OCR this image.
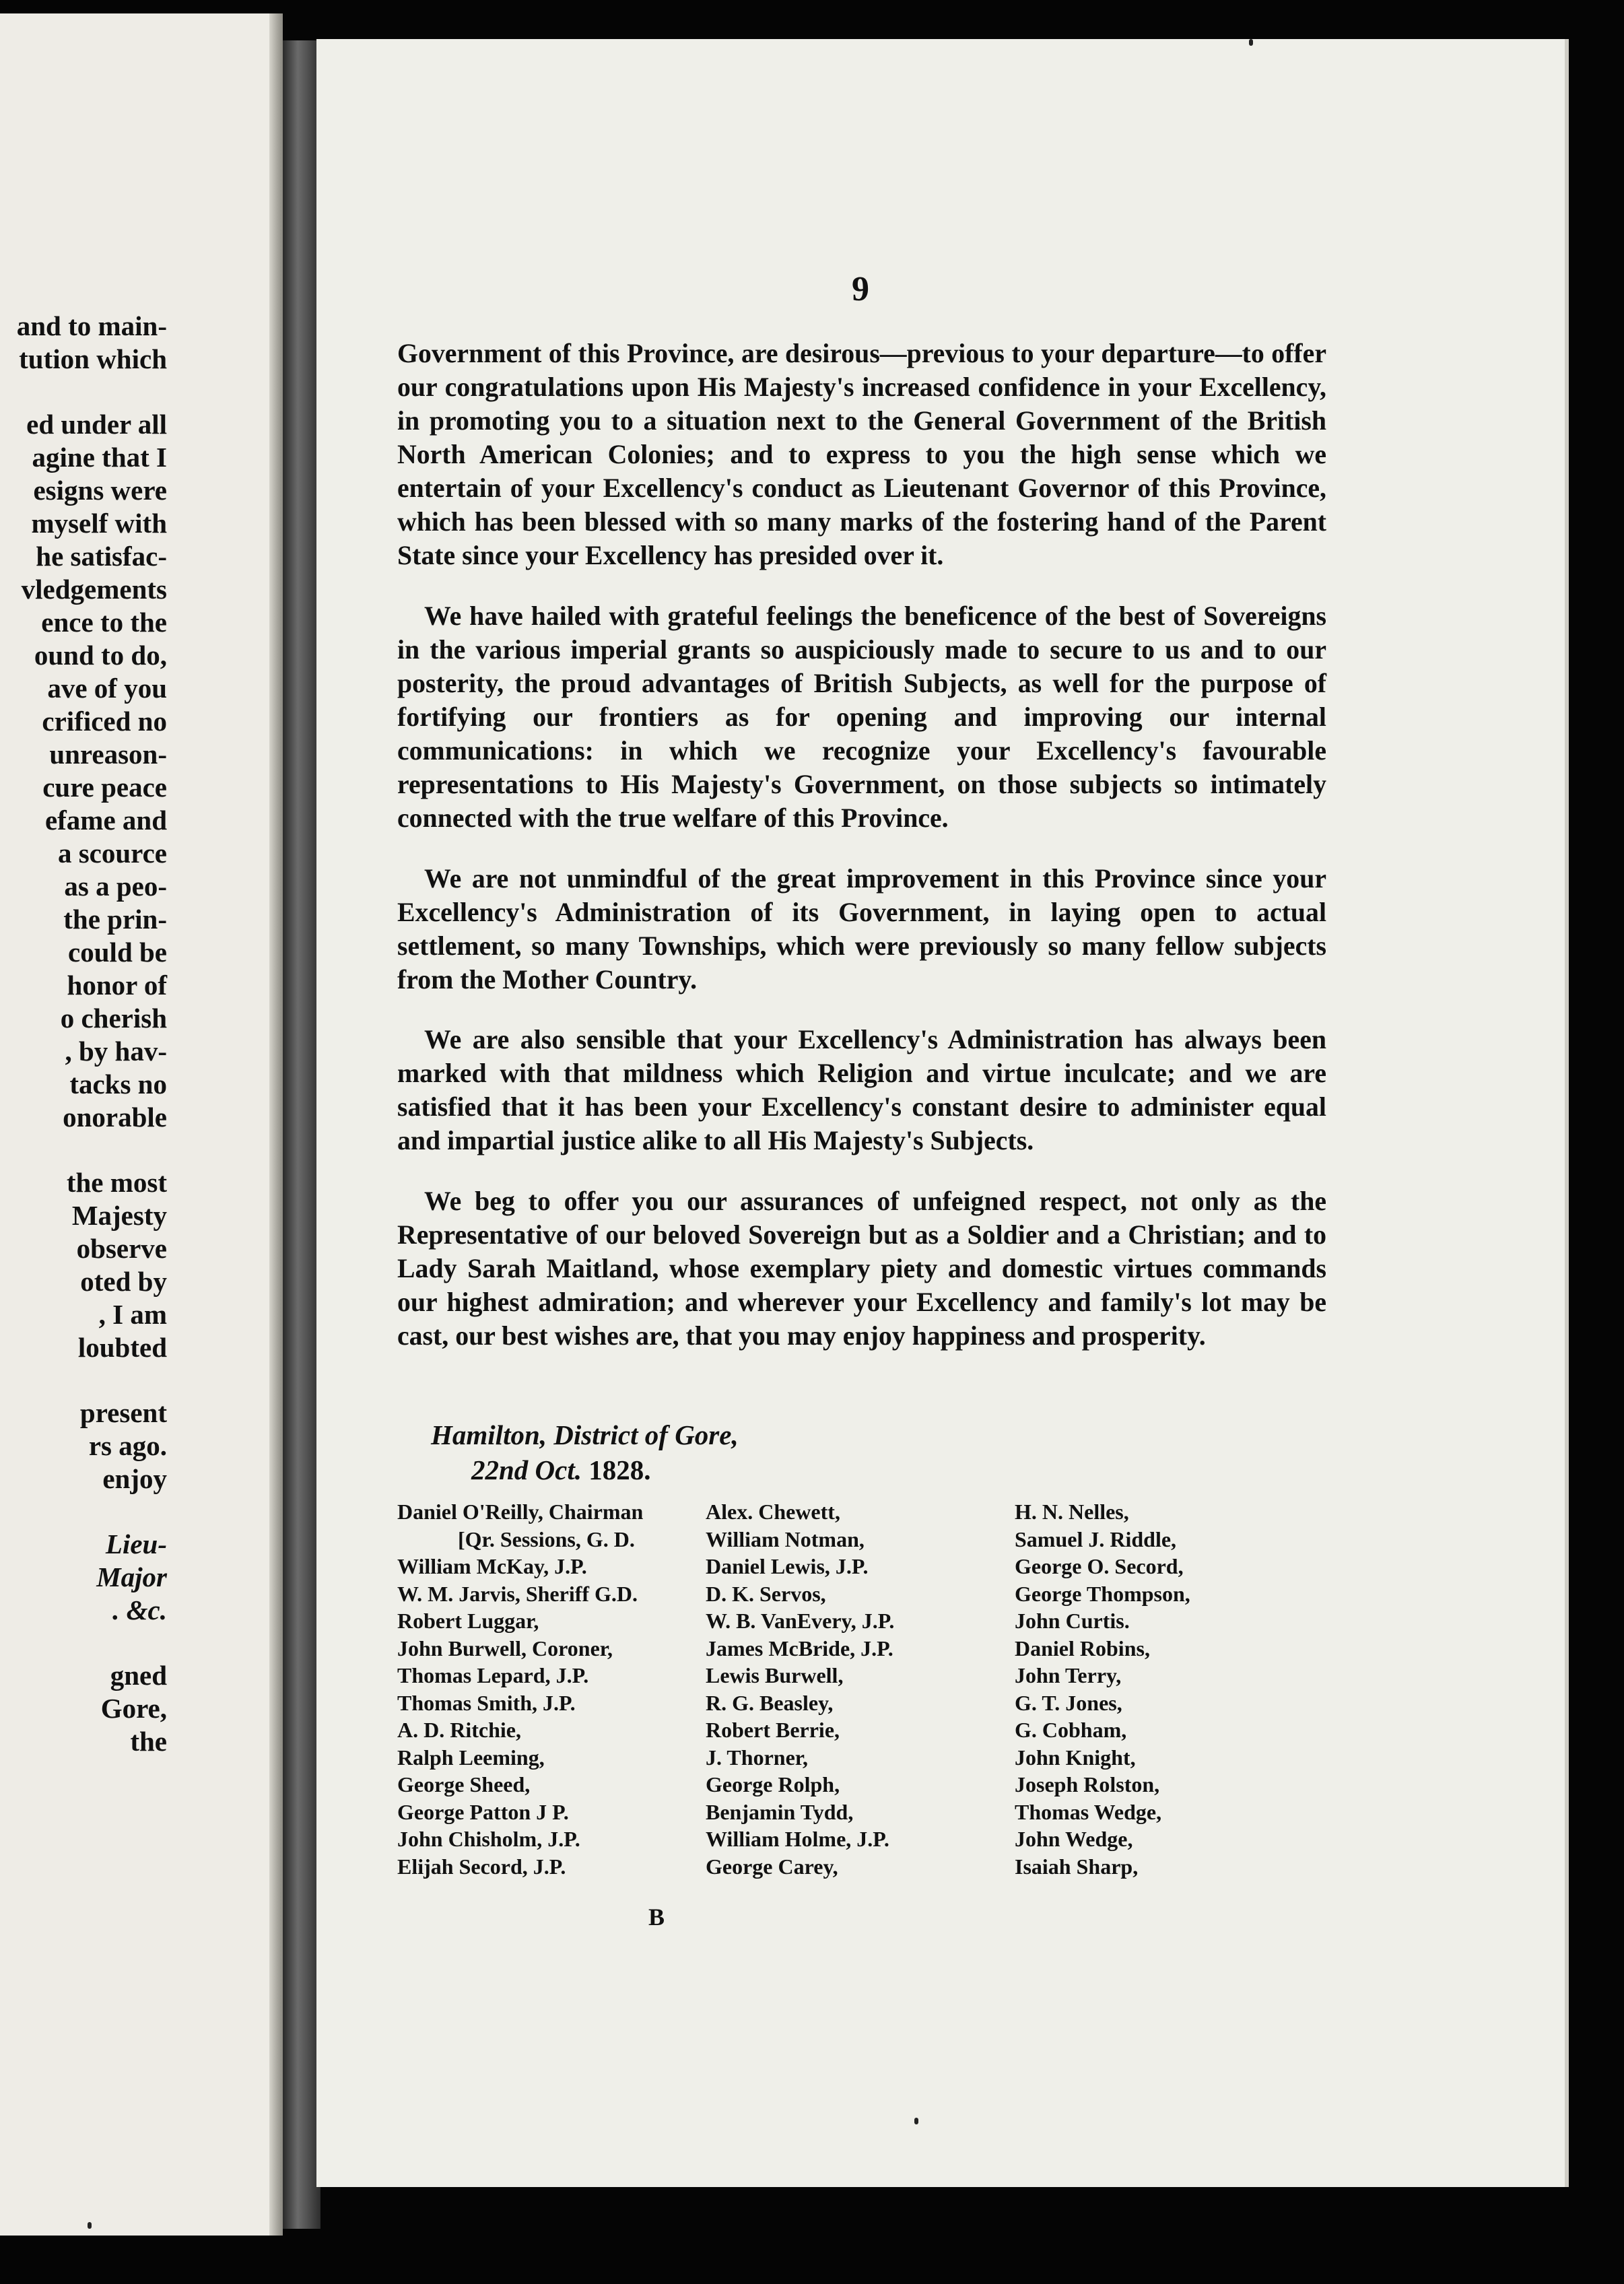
and to main-
tution which
ed under all
agine that I
esigns were
myself with
he satisfac-
vledgements
ence to the
ound to do,
ave of you
crificed no
unreason-
cure peace
efame and
a scource
as a peo-
the prin-
could be
honor of
o cherish
, by hav-
tacks no
onorable
the most
Majesty
observe
oted by
, I am
loubted
present
rs ago.
enjoy
Lieu-
Major
. &c.
gned
Gore,
the
9

Government of this Province, are desirous—previous to your departure—to offer our congratulations upon His Majesty's increased confidence in your Excellency, in promoting you to a situation next to the General Government of the British North American Colonies; and to express to you the high sense which we entertain of your Excellency's conduct as Lieutenant Governor of this Province, which has been blessed with so many marks of the fostering hand of the Parent State since your Excellency has presided over it.

We have hailed with grateful feelings the beneficence of the best of Sovereigns in the various imperial grants so auspiciously made to secure to us and to our posterity, the proud advantages of British Subjects, as well for the purpose of fortifying our frontiers as for opening and improving our internal communications: in which we recognize your Excellency's favourable representations to His Majesty's Government, on those subjects so intimately connected with the true welfare of this Province.

We are not unmindful of the great improvement in this Province since your Excellency's Administration of its Government, in laying open to actual settlement, so many Townships, which were previously so many fellow subjects from the Mother Country.

We are also sensible that your Excellency's Administration has always been marked with that mildness which Religion and virtue inculcate; and we are satisfied that it has been your Excellency's constant desire to administer equal and impartial justice alike to all His Majesty's Subjects.

We beg to offer you our assurances of unfeigned respect, not only as the Representative of our beloved Sovereign but as a Soldier and a Christian; and to Lady Sarah Maitland, whose exemplary piety and domestic virtues commands our highest admiration; and wherever your Excellency and family's lot may be cast, our best wishes are, that you may enjoy happiness and prosperity.

Hamilton, District of Gore,
22nd Oct. 1828.
Daniel O'Reilly, Chairman
[Qr. Sessions, G. D.
William McKay, J.P.
W. M. Jarvis, Sheriff G.D.
Robert Luggar,
John Burwell, Coroner,
Thomas Lepard, J.P.
Thomas Smith, J.P.
A. D. Ritchie,
Ralph Leeming,
George Sheed,
George Patton J P.
John Chisholm, J.P.
Elijah Secord, J.P.
Alex. Chewett,
William Notman,
Daniel Lewis, J.P.
D. K. Servos,
W. B. VanEvery, J.P.
James McBride, J.P.
Lewis Burwell,
R. G. Beasley,
Robert Berrie,
J. Thorner,
George Rolph,
Benjamin Tydd,
William Holme, J.P.
George Carey,
H. N. Nelles,
Samuel J. Riddle,
George O. Secord,
George Thompson,
John Curtis.
Daniel Robins,
John Terry,
G. T. Jones,
G. Cobham,
John Knight,
Joseph Rolston,
Thomas Wedge,
John Wedge,
Isaiah Sharp,
B
